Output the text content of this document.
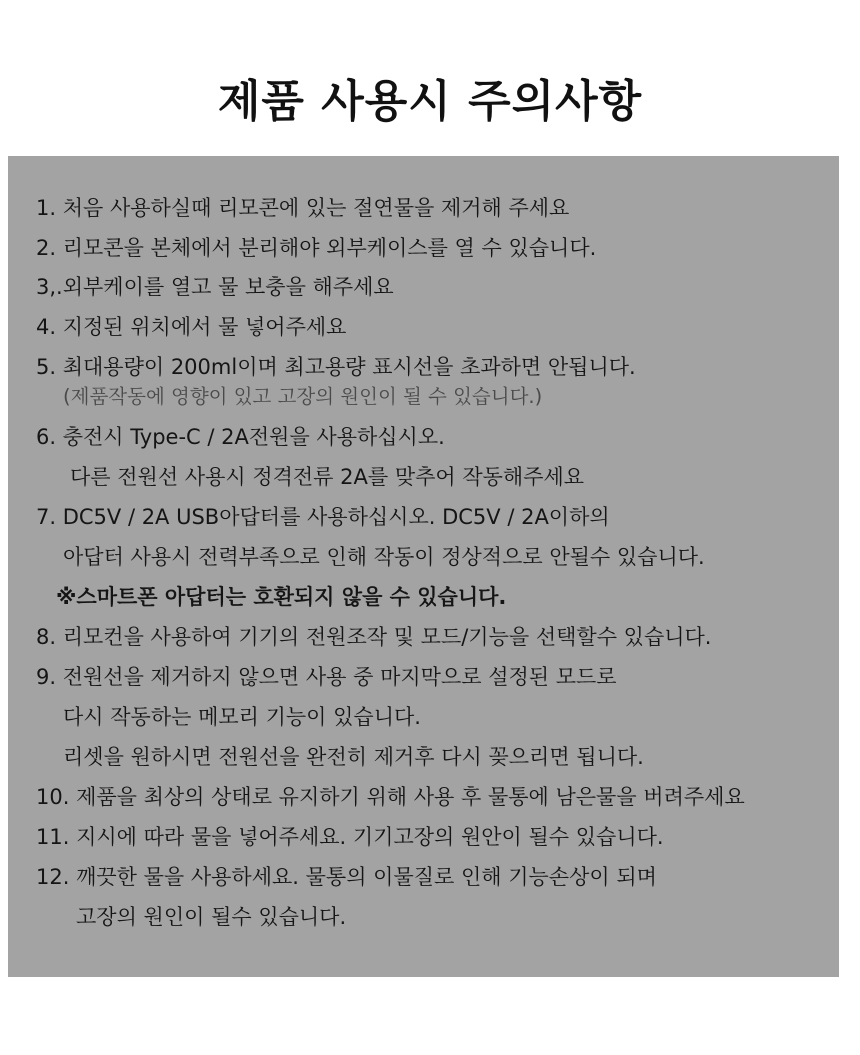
제품 사용시 주의사항
1. 처음 사용하실때 리모콘에 있는 절연물을 제거해 주세요
2. 리모콘을 본체에서 분리해야 외부케이스를 열 수 있습니다.
3,.외부케이를 열고 물 보충을 해주세요
4. 지정된 위치에서 물 넣어주세요
5. 최대용량이 200ml이며 최고용량 표시선을 초과하면 안됩니다.
(제품작동에 영향이 있고 고장의 원인이 될 수 있습니다.)
6. 충전시 Type-C / 2A전원을 사용하십시오.
다른 전원선 사용시 정격전류 2A를 맞추어 작동해주세요
7. DC5V / 2A USB아답터를 사용하십시오. DC5V / 2A이하의
아답터 사용시 전력부족으로 인해 작동이 정상적으로 안될수 있습니다.
※스마트폰 아답터는 호환되지 않을 수 있습니다.
8. 리모컨을 사용하여 기기의 전원조작 및 모드/기능을 선택할수 있습니다.
9. 전원선을 제거하지 않으면 사용 중 마지막으로 설정된 모드로
다시 작동하는 메모리 기능이 있습니다.
리셋을 원하시면 전원선을 완전히 제거후 다시 꽂으리면 됩니다.
10. 제품을 최상의 상태로 유지하기 위해 사용 후 물통에 남은물을 버려주세요
11. 지시에 따라 물을 넣어주세요. 기기고장의 원안이 될수 있습니다.
12. 깨끗한 물을 사용하세요. 물통의 이물질로 인해 기능손상이 되며
고장의 원인이 될수 있습니다.
